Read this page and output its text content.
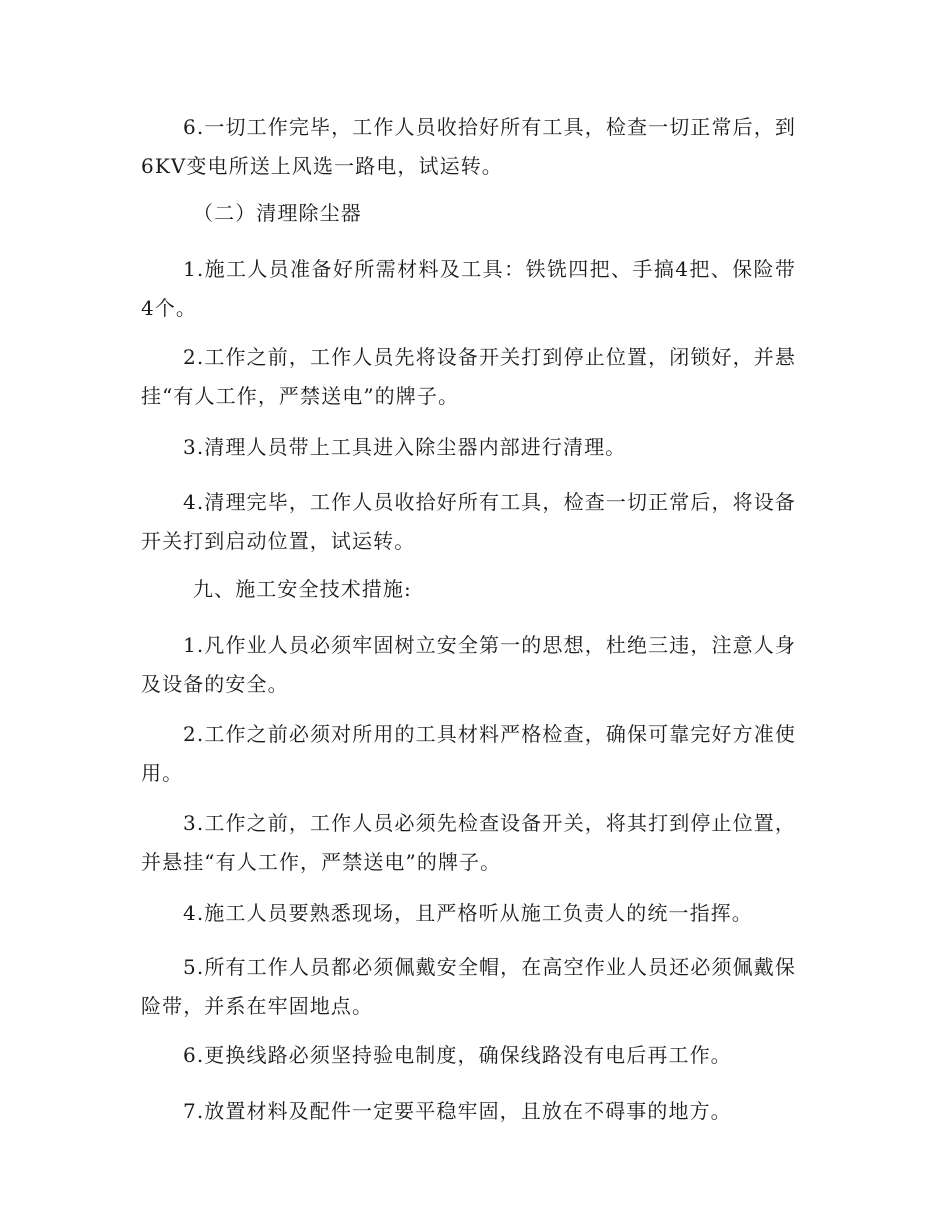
6.一切工作完毕，工作人员收拾好所有工具，检查一切正常后，到6KV变电所送上风选一路电，试运转。

（二）清理除尘器

1.施工人员准备好所需材料及工具：铁铣四把、手搞4把、保险带4个。

2.工作之前，工作人员先将设备开关打到停止位置，闭锁好，并悬挂“有人工作，严禁送电”的牌子。

3.清理人员带上工具进入除尘器内部进行清理。

4.清理完毕，工作人员收拾好所有工具，检查一切正常后，将设备开关打到启动位置，试运转。

九、施工安全技术措施:

1.凡作业人员必须牢固树立安全第一的思想，杜绝三违，注意人身及设备的安全。

2.工作之前必须对所用的工具材料严格检查，确保可靠完好方准使用。

3.工作之前，工作人员必须先检查设备开关，将其打到停止位置，并悬挂“有人工作，严禁送电”的牌子。

4.施工人员要熟悉现场，且严格听从施工负责人的统一指挥。

5.所有工作人员都必须佩戴安全帽，在高空作业人员还必须佩戴保险带，并系在牢固地点。

6.更换线路必须坚持验电制度，确保线路没有电后再工作。

7.放置材料及配件一定要平稳牢固，且放在不碍事的地方。
